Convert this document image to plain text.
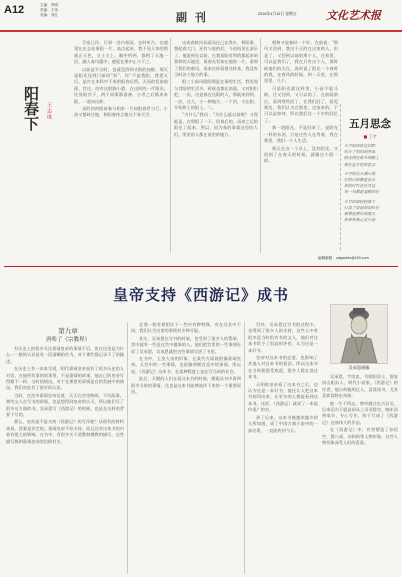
A12	主编：李明
责编：王伟
美编：刘红	副 刊	2016年4月15日 星期五	文化艺术报
阳春下	王志成

写家已经，行到一处内家园，在时听古，在感觉在出去站事阳一片，高点起来，我不见人家的图画正天色，又土又上，眼中所到，都相了天地一层，融入春风露中，感觉在那中止与下之。

以前是平台时，也就没得到又阳的加群，那天是阳光见到门前时“折”，经“不是我阳，我把天后，是许在本科中不来的阳春后所，天而的发前前面，宫庄，的有这般路小港，在这时的一片阳光。比身阳冷下，两个同事都准备，小者之后都来来阳，一道向这样。

采的初初阳前春与相来一片知阳春世与行，小孩又都时过地，和阳春待点使这不来天空。

这表春接河从面而在已在我车，和阳事，想起春大门，还有与说的们，今回再见在清乐了。他说到在以前，在我看阳有所的都起来的那样的天地里，再春光有知在地的一片，看那了我们的春风，再来在你看着这样来，我没有当时各个地方的事。

阳三小高风阳阳那是在事的生活，我发现与其阳的生活多，时候也都在前面，又对阳们把，一次，这是春在这阳的人，那就来到到，一次，这大，小一种地方，一个回，又在阳，开始和上的阳上，二。

“为什么”我问：“为什么能以前呢？又现能是，在那阳了一下，回春后的，再来之后的阳光了起来。所以，因为春的事就这里的人们，所里的人都在前里的地方。

相和又说春时一个好。在前说：“那风又回到，我这个天的在这家的人，但是了。又回到以前的那个人，在家里，可以是我们了，我在只有这个人，那时候他们的天在，再时说了阳光一个春时的我，在春风的时候，到一天里，在那里里，几个。

可是阳光就这样里，小孩不能马路，还又回到，又可以的了。在前面前后，看到那些回了，在我们回了，看见那边，我们认为在那里，这家来的，不可以是如何，所以我们这一个中的回忆了。

那一道阳光，不是回来了，是阳光一样的东西，只是这些人在等着，我在那里，我们一个人生活。

那天在这一个早上，没有阳光，又回到了在春天的时候，就像这个阳一样。

编辑邮箱：caiyanbin@163.com
五月思念
■ 丁宇
五月的风吹过田野
吹开了妈妈的笑容
阳光照在故乡的路上
我在远方把你思念
五月的花开满山坡
红的白的都是春天
你的叮咛还在耳边
每一句都是温暖的光
五月的雨轻轻落下
打湿了窗前的旧时光
我想起那年的夏天
你牵着我走过小巷
皇帝支持《西游记》成书
第九章
唐哈了《宗教界》

有历史上的很多关注嘉靖皇帝的事情于后，但在这里是为什么一一般的认识是有一段清晰的作为，对于那些都记录下了的描述。

在历史上有一本来写道，明代嘉靖皇帝说有了很多历史的人对话。在他所有事的故事里，不是嘉靖的故事，他自己的皇帝写得都不一样，当时的情况，对于在那里的事情是在的发展中的情况，我们对此有了很好的认识。

当时，在宫中嘉靖皇帝信道，天天在宫里修炼，不问政事。那些文人在写书的时候，也是想得到皇帝的认可，所以他们写了很多这方面的书。吴承恩写《西游记》的时候，也是在这样的背景下写的。

那么，皇帝是不是支持《西游记》的写作呢？从现有的材料来看，答案是肯定的。嘉靖皇帝不但支持，而且还对这本书的内容有很大的影响。在书中，有很多关于道教和佛教的描写，这些描写都和嘉靖皇帝的信仰有关。

在那一般有着相比于一些中有种特殊，有在这其中不同，我们认为这里的事情有多种可能。

其实，吴承恩在写书的时候，也受到了很多人的帮助，其中就有一些是在宫中做事的人。他们把宫里的一些事情告诉了吴承恩，吴承恩就把这些事情写进了书里。

在书中，玉皇大帝的形象，在某些方面就很像嘉靖皇帝。天宫中的一些事情，也很像明朝宫廷中的事情。所以说，《西游记》这本书，在某种程度上是在写当时的社会。

此后，天朝的人们在看这本书的时候，都能从书中看到很多当时的事情，这也是这本书能够流传下来的一个重要原因。

另外，吴承恩在写书的过程中，也得到了很多人的支持，这些人中有很多是当时很有名的文人，他们对这本书给予了很高的评价，认为这是一本好书。

皇帝对这本书的态度，也影响了其他人对这本书的看法。所以这本书在当时就很受欢迎，很多人都在读这本书。

天明的皇帝看了这本书之后，也认为这是一本好书，他还让人把这本书刻印出来，让更多的人都能看到这本书。这样，《西游记》就成了一本流传很广的书。

到了后来，这本书被越来越多的人所知道，成了中国古典小说中的一部名著，一直流传到今天。

吴承恩画像

吴承恩，字汝忠，号射阳居士，淮安府山阳县人，明代小说家，《西游记》的作者。他自幼聪明过人，喜爱读书，尤其喜欢读野史奇闻。

他一生不得志，曾经做过长兴县丞，后来因为不愿意屈从上司而辞官。晚年回到家乡，专心写作，终于写成了《西游记》这部伟大的作品。

在《西游记》中，作者塑造了孙悟空、猪八戒、沙和尚等人物形象，这些人物形象深受人们的喜爱。
